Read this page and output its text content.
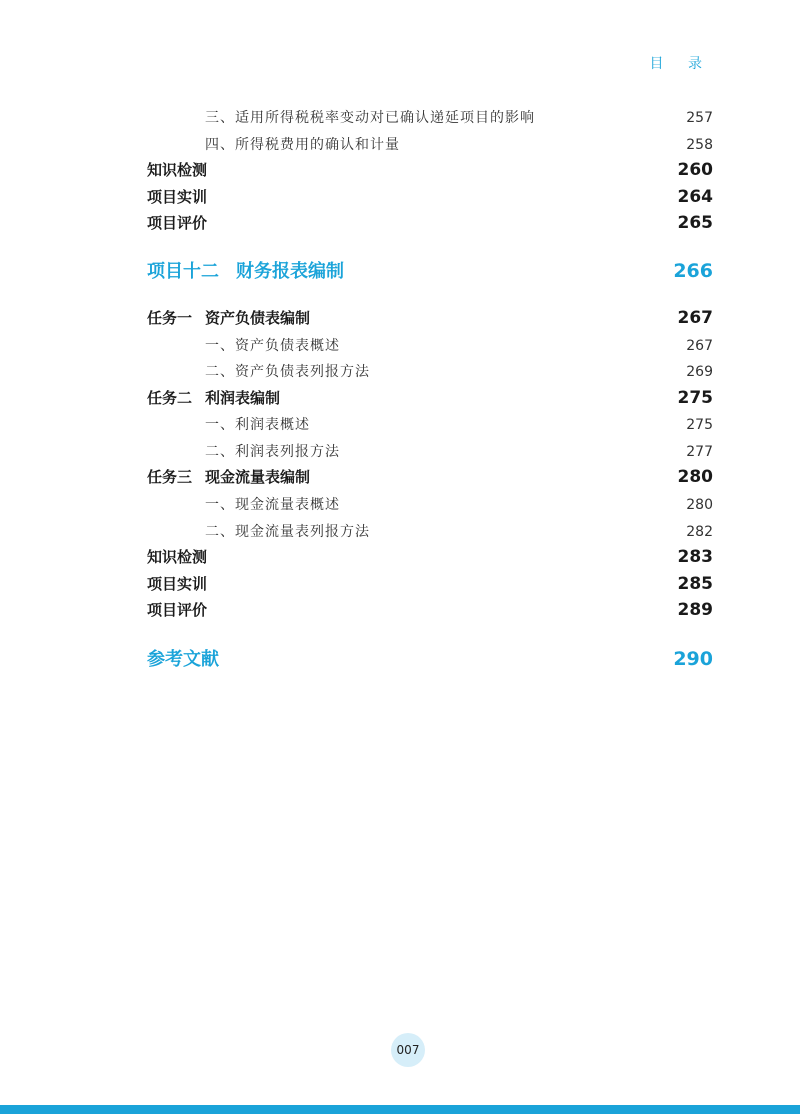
目 录
三、适用所得税税率变动对已确认递延项目的影响	257
四、所得税费用的确认和计量	258
知识检测	260
项目实训	264
项目评价	265
项目十二 财务报表编制	266
任务一 资产负债表编制	267
一、资产负债表概述	267
二、资产负债表列报方法	269
任务二 利润表编制	275
一、利润表概述	275
二、利润表列报方法	277
任务三 现金流量表编制	280
一、现金流量表概述	280
二、现金流量表列报方法	282
知识检测	283
项目实训	285
项目评价	289
参考文献	290
007
